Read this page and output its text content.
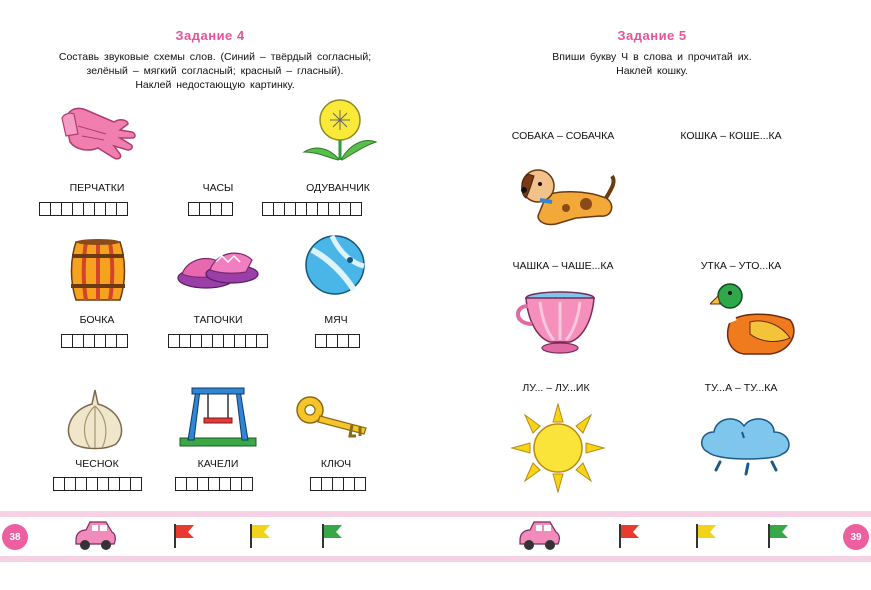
Задание 4
Составь звуковые схемы слов. (Синий – твёрдый согласный;
зелёный – мягкий согласный; красный – гласный).
Наклей недостающую картинку.
ПЕРЧАТКИ	ЧАСЫ	ОДУВАНЧИК
БОЧКА	ТАПОЧКИ	МЯЧ
ЧЕСНОК	КАЧЕЛИ	КЛЮЧ
Задание 5
Впиши букву Ч в слова и прочитай их.
Наклей кошку.
СОБАКА – СОБАЧКА	КОШКА – КОШЕ...КА
ЧАШКА – ЧАШЕ...КА	УТКА – УТО...КА
ЛУ... – ЛУ...ИК	ТУ...А – ТУ...КА
38	39
